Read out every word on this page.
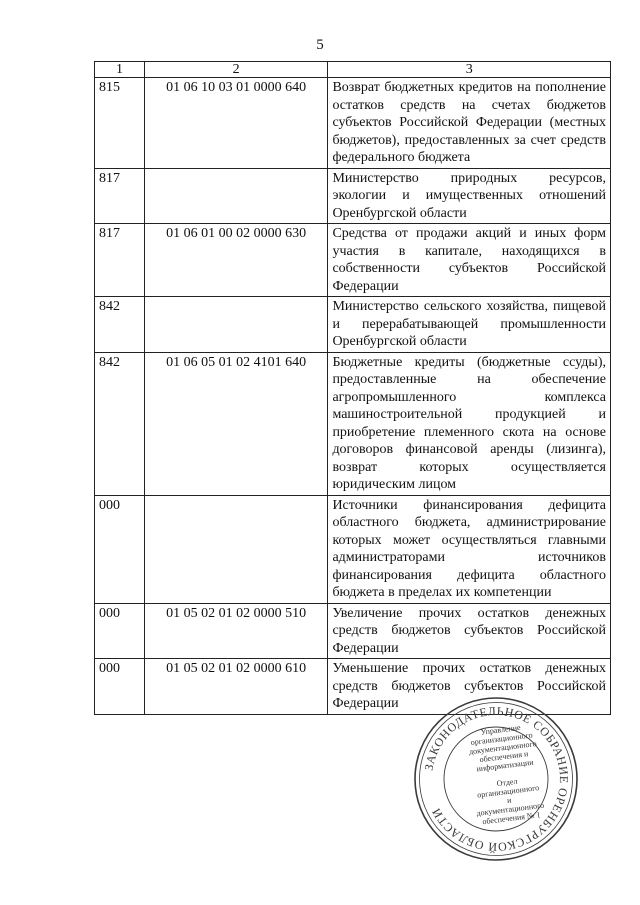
5
1	2	3
815	01 06 10 03 01 0000 640	Возврат бюджетных кредитов на пополнение остатков средств на счетах бюджетов субъектов Российской Федерации (местных бюджетов), предоставленных за счет средств федерального бюджета
817		Министерство природных ресурсов, экологии и имущественных отношений Оренбургской области
817	01 06 01 00 02 0000 630	Средства от продажи акций и иных форм участия в капитале, находящихся в собственности субъектов Российской Федерации
842		Министерство сельского хозяйства, пищевой и перерабатывающей промышленности Оренбургской области
842	01 06 05 01 02 4101 640	Бюджетные кредиты (бюджетные ссуды), предоставленные на обеспечение агропромышленного комплекса машиностроительной продукцией и приобретение племенного скота на основе договоров финансовой аренды (лизинга), возврат которых осуществляется юридическим лицом
000		Источники финансирования дефицита областного бюджета, администрирование которых может осуществляться главными администраторами источников финансирования дефицита областного бюджета в пределах их компетенции
000	01 05 02 01 02 0000 510	Увеличение прочих остатков денежных средств бюджетов субъектов Российской Федерации
000	01 05 02 01 02 0000 610	Уменьшение прочих остатков денежных средств бюджетов субъектов Российской Федерации
ЗАКОНОДАТЕЛЬНОЕ СОБРАНИЕ ОРЕНБУРГСКОЙ ОБЛАСТИ
Управление организационного документационного обеспечения и информатизации
Отдел организационного и документационного обеспечения № 1
